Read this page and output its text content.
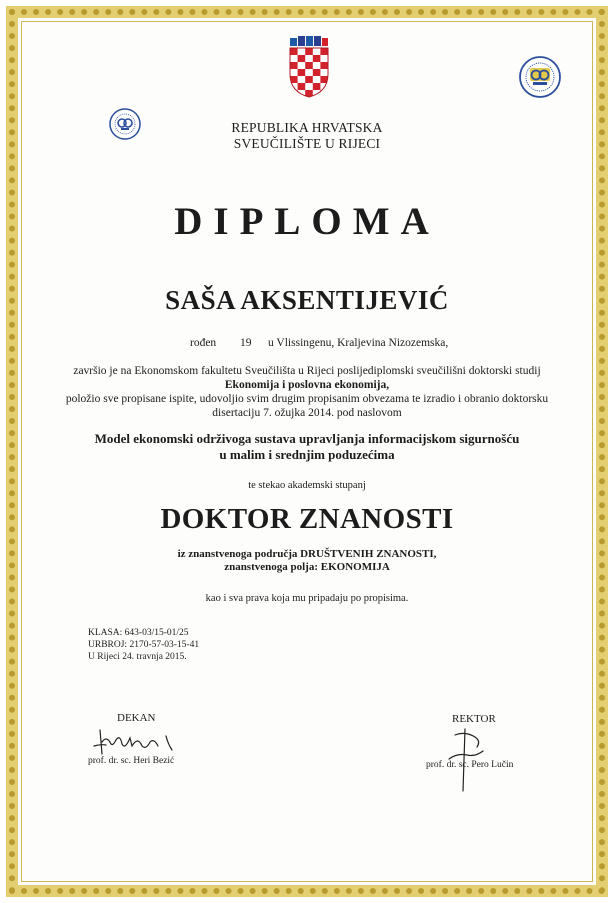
REPUBLIKA HRVATSKA
SVEUČILIŠTE U RIJECI
DIPLOMA
SAŠA AKSENTIJEVIĆ
rođen 19 u Vlissingenu, Kraljevina Nizozemska,
završio je na Ekonomskom fakultetu Sveučilišta u Rijeci poslijediplomski sveučilišni doktorski studij
Ekonomija i poslovna ekonomija,
položio sve propisane ispite, udovoljio svim drugim propisanim obvezama te izradio i obranio doktorsku
disertaciju 7. ožujka 2014. pod naslovom
Model ekonomski održivoga sustava upravljanja informacijskom sigurnošću
u malim i srednjim poduzećima
te stekao akademski stupanj
DOKTOR ZNANOSTI
iz znanstvenoga područja DRUŠTVENIH ZNANOSTI,
znanstvenoga polja: EKONOMIJA
kao i sva prava koja mu pripadaju po propisima.
KLASA: 643-03/15-01/25
URBROJ: 2170-57-03-15-41
U Rijeci 24. travnja 2015.
DEKAN
prof. dr. sc. Heri Bezić
REKTOR
prof. dr. sc. Pero Lučin
